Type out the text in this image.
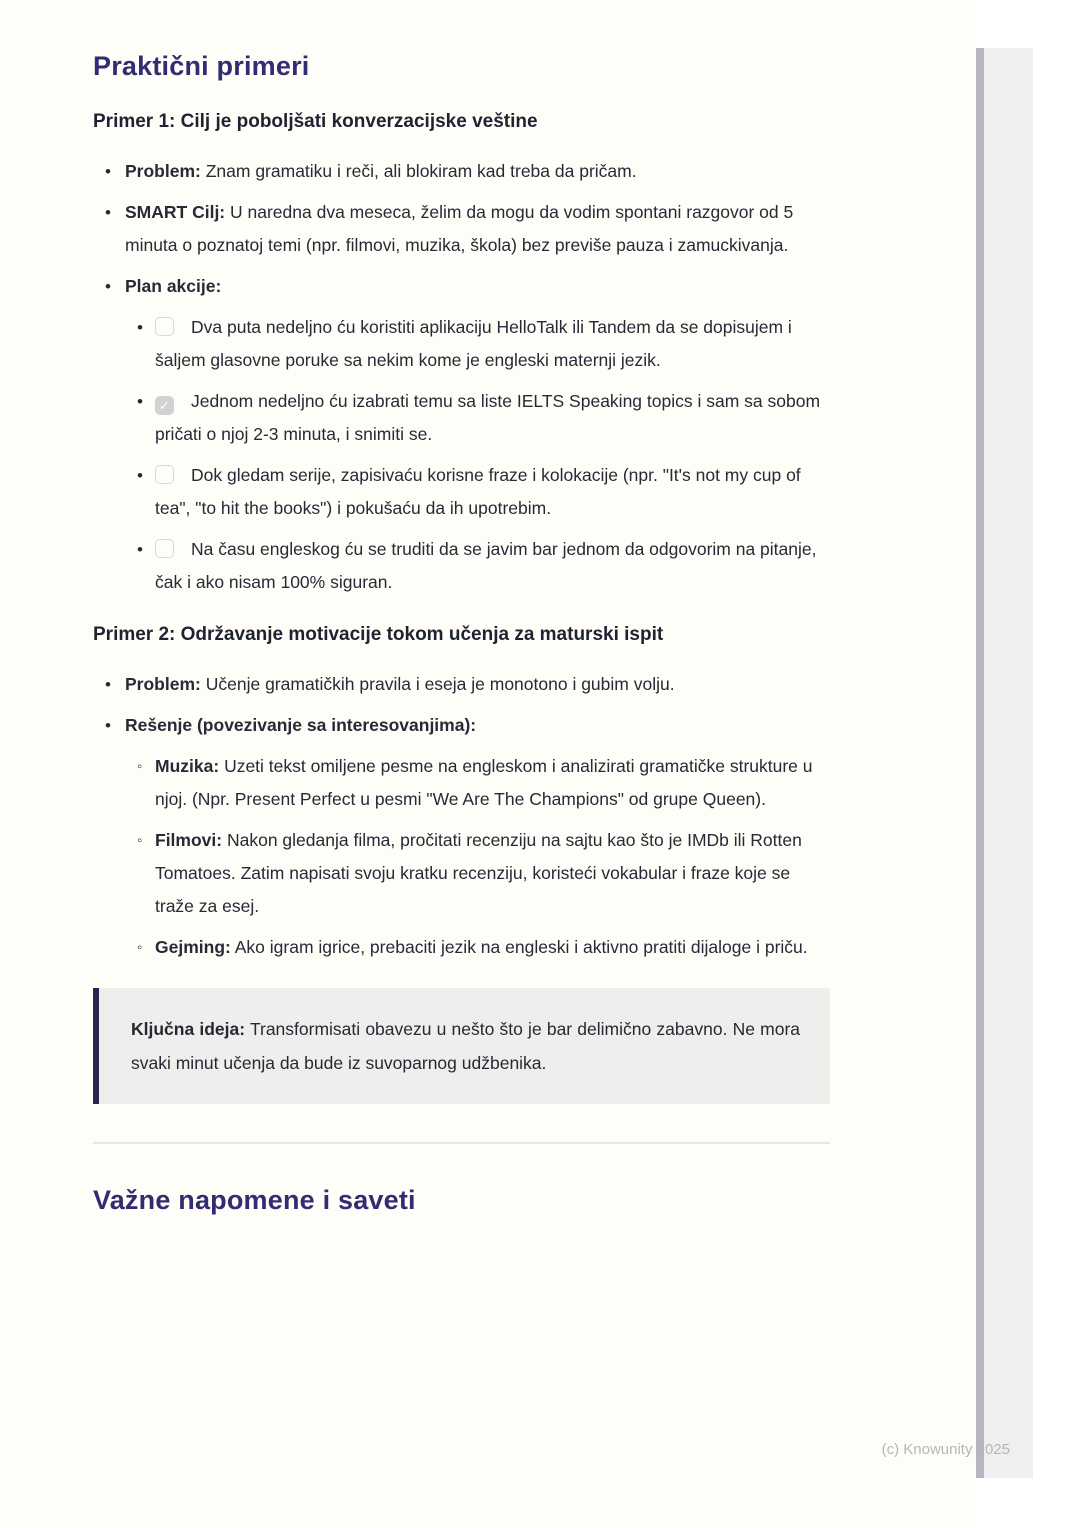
Praktični primeri
Primer 1: Cilj je poboljšati konverzacijske veštine
• Problem: Znam gramatiku i reči, ali blokiram kad treba da pričam.
• SMART Cilj: U naredna dva meseca, želim da mogu da vodim spontani razgovor od 5 minuta o poznatoj temi (npr. filmovi, muzika, škola) bez previše pauza i zamuckivanja.
• Plan akcije:
•	Dva puta nedeljno ću koristiti aplikaciju HelloTalk ili Tandem da se dopisujem i šaljem glasovne poruke sa nekim kome je engleski maternji jezik.
•	✓ Jednom nedeljno ću izabrati temu sa liste IELTS Speaking topics i sam sa sobom pričati o njoj 2-3 minuta, i snimiti se.
•	Dok gledam serije, zapisivaću korisne fraze i kolokacije (npr. "It's not my cup of tea", "to hit the books") i pokušaću da ih upotrebim.
•	Na času engleskog ću se truditi da se javim bar jednom da odgovorim na pitanje, čak i ako nisam 100% siguran.
Primer 2: Održavanje motivacije tokom učenja za maturski ispit
• Problem: Učenje gramatičkih pravila i eseja je monotono i gubim volju.
• Rešenje (povezivanje sa interesovanjima):
◦ Muzika: Uzeti tekst omiljene pesme na engleskom i analizirati gramatičke strukture u njoj. (Npr. Present Perfect u pesmi "We Are The Champions" od grupe Queen).
◦ Filmovi: Nakon gledanja filma, pročitati recenziju na sajtu kao što je IMDb ili Rotten Tomatoes. Zatim napisati svoju kratku recenziju, koristeći vokabular i fraze koje se traže za esej.
◦ Gejming: Ako igram igrice, prebaciti jezik na engleski i aktivno pratiti dijaloge i priču.
Ključna ideja: Transformisati obavezu u nešto što je bar delimično zabavno. Ne mora svaki minut učenja da bude iz suvoparnog udžbenika.
Važne napomene i saveti
(c) Knowunity 2025
